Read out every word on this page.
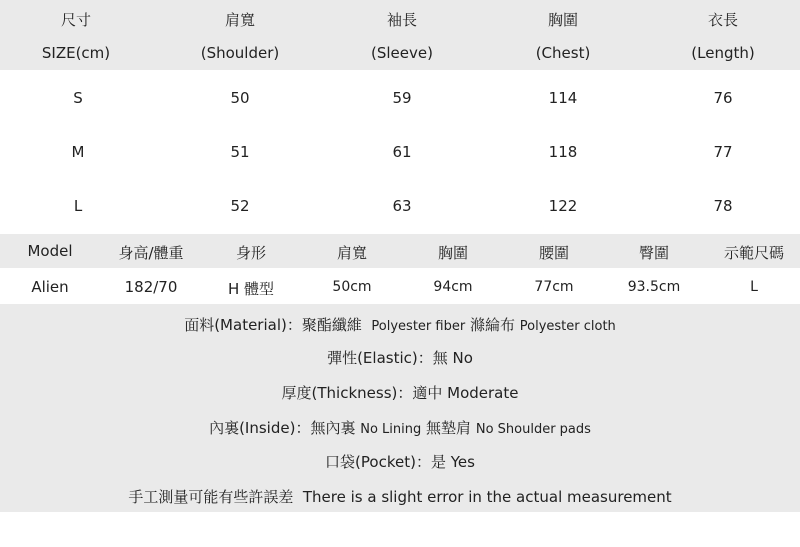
尺寸	肩寬	袖長	胸圍	衣長
SIZE(cm)	(Shoulder)	(Sleeve)	(Chest)	(Length)
S	50	59	114	76
M	51	61	118	77
L	52	63	122	78
Model	身高/體重	身形	肩寬	胸圍	腰圍	臀圍	示範尺碼
Alien	182/70	H 體型	50cm	94cm	77cm	93.5cm	L
面料(Material)：聚酯纖維 Polyester fiber 滌綸布 Polyester cloth
彈性(Elastic)：無 No
厚度(Thickness)：適中 Moderate
內裏(Inside)：無內裏 No Lining 無墊肩 No Shoulder pads
口袋(Pocket)：是 Yes
手工測量可能有些許誤差 There is a slight error in the actual measurement
